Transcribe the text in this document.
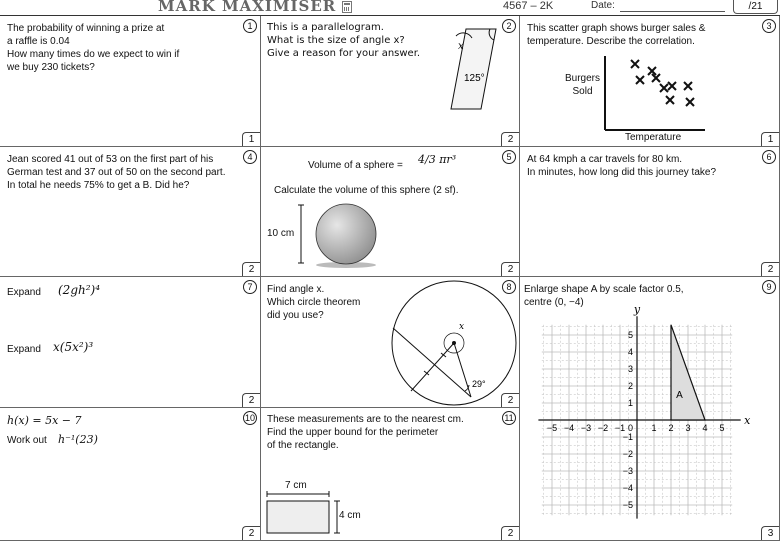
MARK MAXIMISER	4567 – 2K	Date:	/21
1
The probability of winning a prize at
a raffle is 0.04
How many times do we expect to win if
we buy 230 tickets?
1
2
This is a parallelogram.
What is the size of angle x?
Give a reason for your answer.
x
125°
2
3
This scatter graph shows burger sales &
temperature. Describe the correlation.
Burgers
Sold
Temperature	1
4
Jean scored 41 out of 53 on the first part of his
German test and 37 out of 50 on the second part.
In total he needs 75% to get a B. Did he?
2
5
Volume of a sphere = 4/3 πr³
Calculate the volume of this sphere (2 sf).
10 cm
2
6
At 64 kmph a car travels for 80 km.
In minutes, how long did this journey take?
2
7
Expand (2gh²)⁴
Expand x(5x²)³
2
8
Find angle x.
Which circle theorem
did you use?
x
29°
2
9
Enlarge shape A by scale factor 0.5,
centre (0, −4)
−5 −4 −3 −2 −1	1 2 3 4 5
5
4
3
2
1
−1
−2
−3
−4
−5
0
x
y
A
3
10
h(x) = 5x − 7
Work out h⁻¹(23)
2
11
These measurements are to the nearest cm.
Find the upper bound for the perimeter
of the rectangle.
7 cm
4 cm
2
